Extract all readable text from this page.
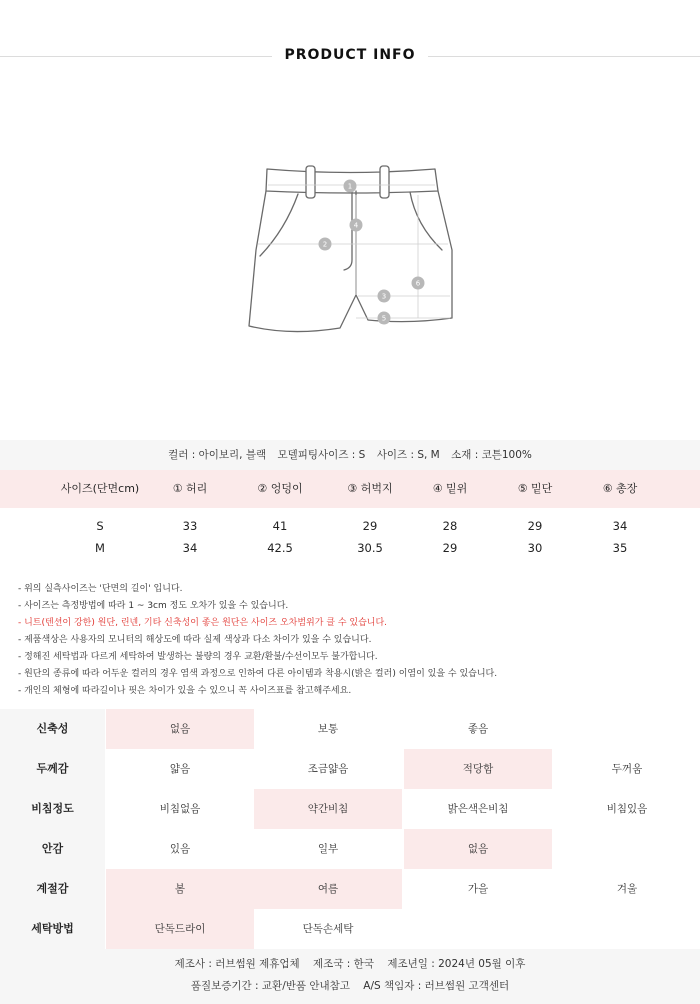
PRODUCT INFO
1
2
3
4
5
6
컬러 : 아이보리, 블랙 모델피팅사이즈 : S 사이즈 : S, M 소재 : 코튼100%
사이즈(단면cm)	① 허리	② 엉덩이	③ 허벅지	④ 밑위	⑤ 밑단	⑥ 총장
S	33	41	29	28	29	34
M	34	42.5	30.5	29	30	35
- 위의 실측사이즈는 '단면의 길이' 입니다.
- 사이즈는 측정방법에 따라 1 ~ 3cm 정도 오차가 있을 수 있습니다.
- 니트(텐션이 강한) 원단, 린넨, 기타 신축성이 좋은 원단은 사이즈 오차범위가 클 수 있습니다.
- 제품색상은 사용자의 모니터의 해상도에 따라 실제 색상과 다소 차이가 있을 수 있습니다.
- 정해진 세탁법과 다르게 세탁하여 발생하는 불량의 경우 교환/환불/수선이모두 불가합니다.
- 원단의 종류에 따라 어두운 컬러의 경우 염색 과정으로 인하여 다른 아이템과 착용시(밝은 컬러) 이염이 있을 수 있습니다.
- 개인의 체형에 따라길이나 핏은 차이가 있을 수 있으니 꼭 사이즈표를 참고해주세요.
신축성	없음	보통	좋음
두께감	얇음	조금얇음	적당함	두꺼움
비침정도	비침없음	약간비침	밝은색은비침	비침있음
안감	있음	일부	없음
계절감	봄	여름	가을	겨울
세탁방법	단독드라이	단독손세탁
제조사 : 러브썸원 제휴업체 제조국 : 한국 제조년일 : 2024년 05월 이후
품질보증기간 : 교환/반품 안내참고 A/S 책임자 : 러브썸원 고객센터
